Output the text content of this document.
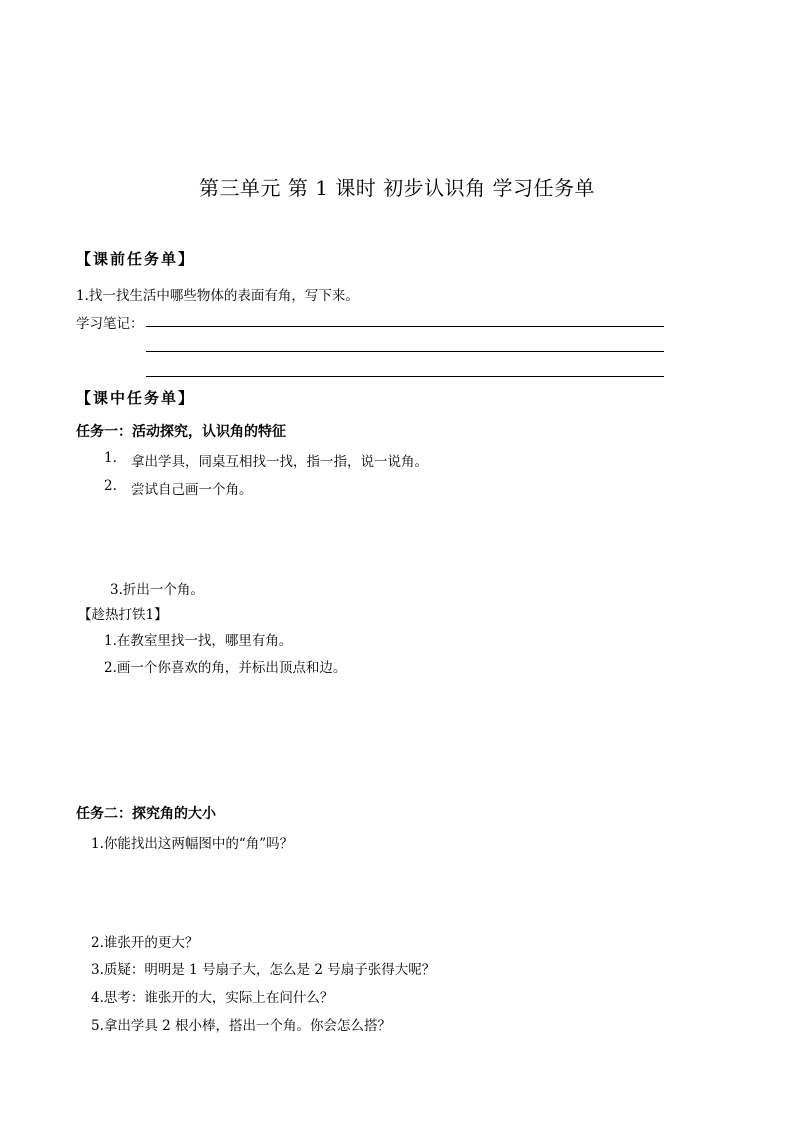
第三单元 第 1 课时 初步认识角 学习任务单
【课前任务单】
1.找一找生活中哪些物体的表面有角，写下来。
学习笔记：
【课中任务单】
任务一：活动探究，认识角的特征
1. 拿出学具，同桌互相找一找，指一指，说一说角。
2. 尝试自己画一个角。
3.折出一个角。
【趁热打铁1】
1.在教室里找一找，哪里有角。
2.画一个你喜欢的角，并标出顶点和边。
任务二：探究角的大小
1.你能找出这两幅图中的“角”吗？
2.谁张开的更大？
3.质疑：明明是 1 号扇子大，怎么是 2 号扇子张得大呢？
4.思考：谁张开的大，实际上在问什么？
5.拿出学具 2 根小棒，搭出一个角。你会怎么搭？
